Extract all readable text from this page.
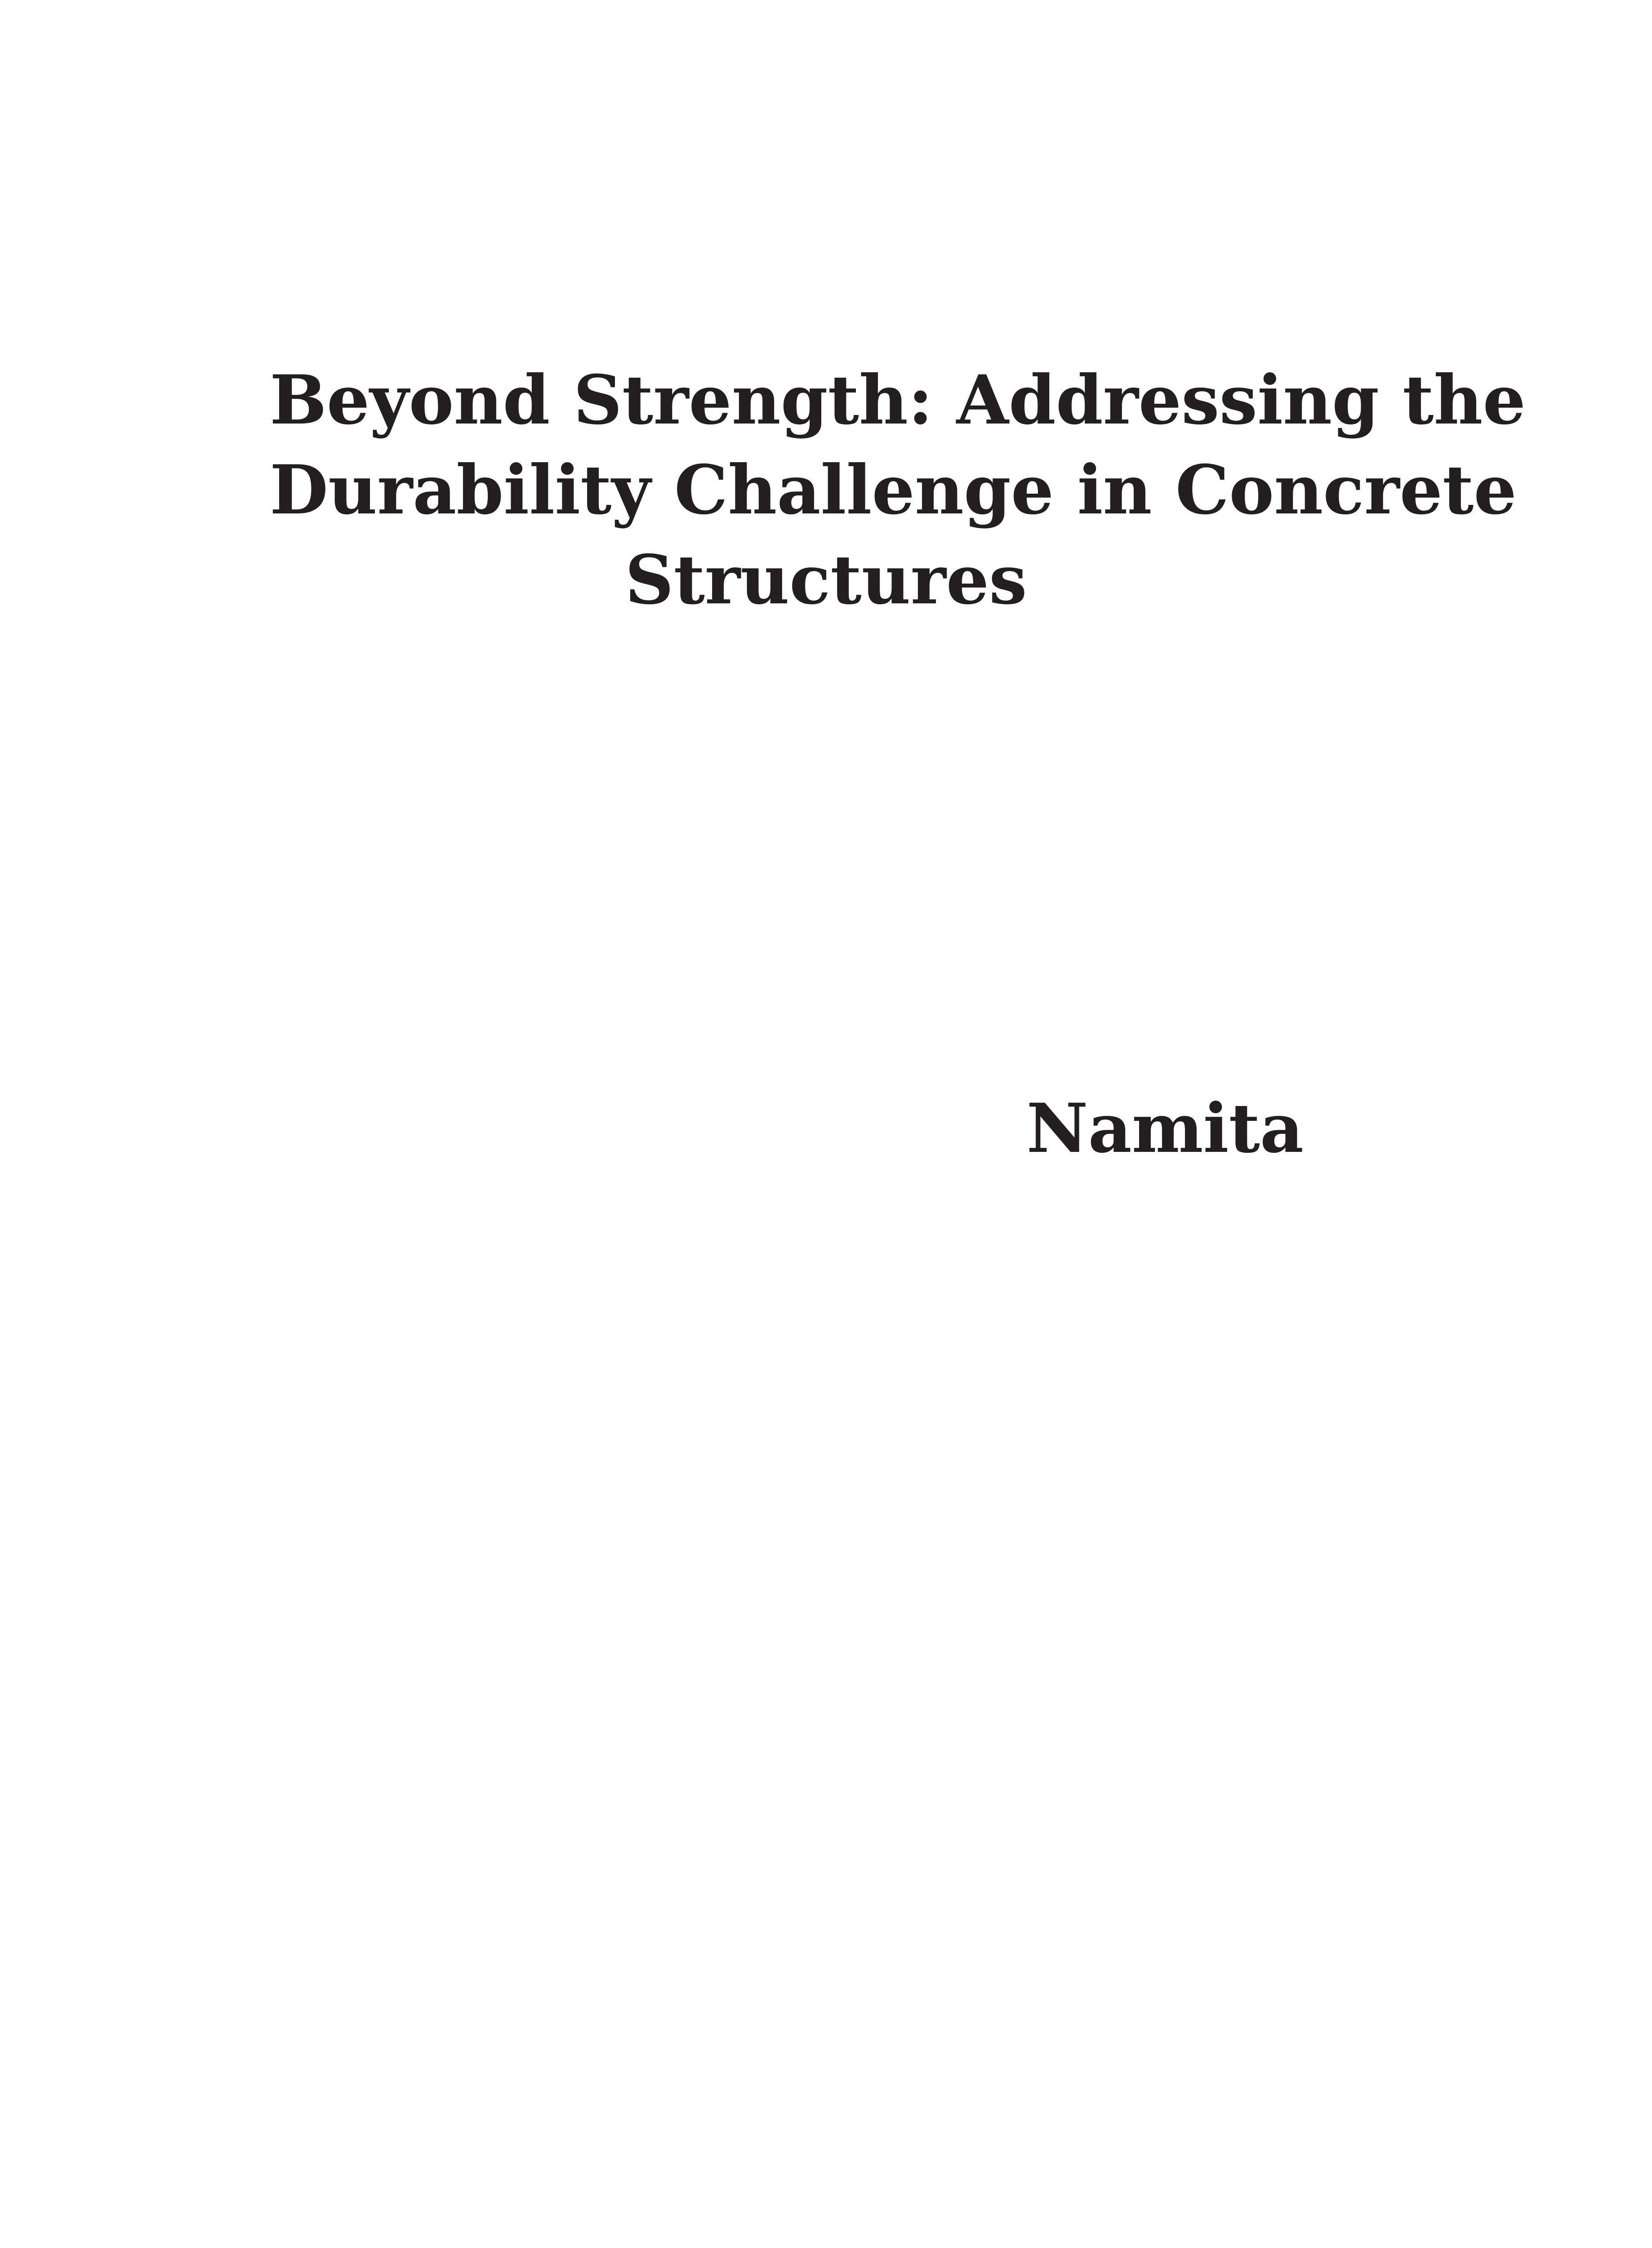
Beyond Strength: Addressing the
Durability Challenge in Concrete
Structures
Namita
